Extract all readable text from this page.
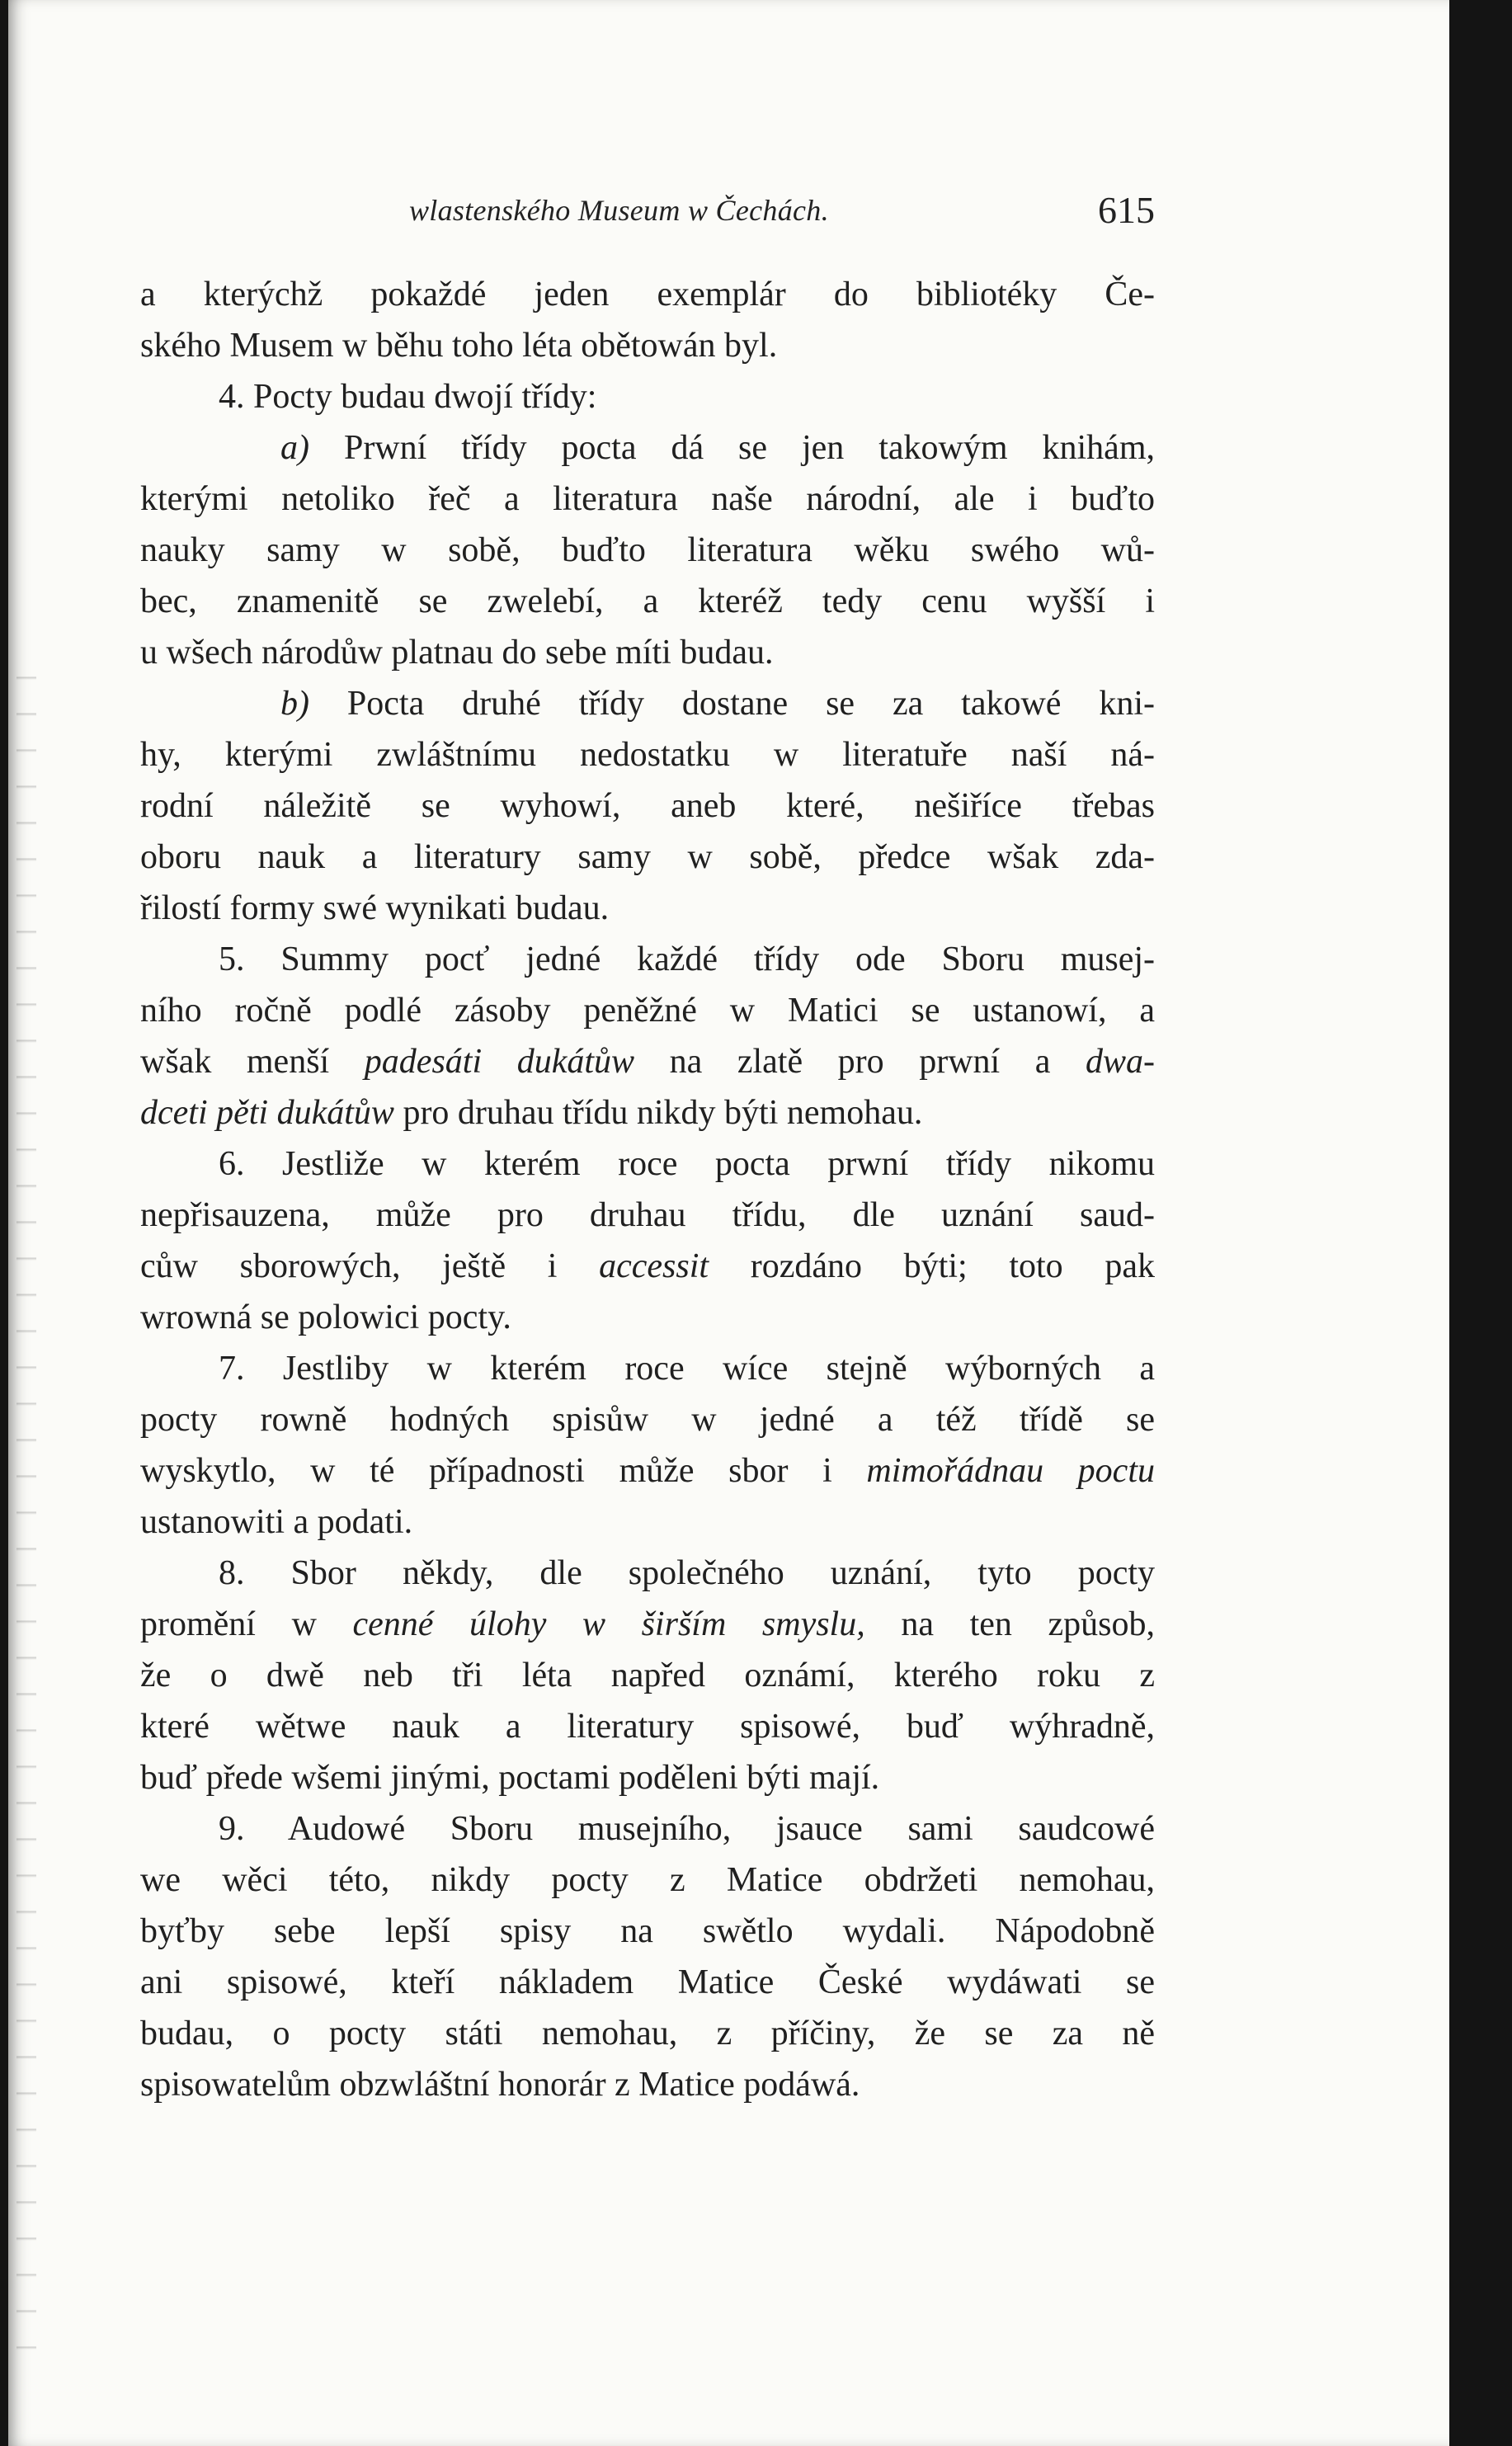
wlastenského Museum w Čechách.	615
a kterýchž pokaždé jeden exemplár do bibliotéky Če-
ského Musem w běhu toho léta obětowán byl.
4. Pocty budau dwojí třídy:
a) Prwní třídy pocta dá se jen takowým knihám,
kterými netoliko řeč a literatura naše národní, ale i buďto
nauky samy w sobě, buďto literatura wěku swého wů-
bec, znamenitě se zwelebí, a kteréž tedy cenu wyšší i
u wšech národůw platnau do sebe míti budau.
b) Pocta druhé třídy dostane se za takowé kni-
hy, kterými zwláštnímu nedostatku w literatuře naší ná-
rodní náležitě se wyhowí, aneb které, nešiříce třebas
oboru nauk a literatury samy w sobě, předce wšak zda-
řilostí formy swé wynikati budau.
5. Summy pocť jedné každé třídy ode Sboru musej-
ního ročně podlé zásoby peněžné w Matici se ustanowí, a
wšak menší padesáti dukátůw na zlatě pro prwní a dwa-
dceti pěti dukátůw pro druhau třídu nikdy býti nemohau.
6. Jestliže w kterém roce pocta prwní třídy nikomu
nepřisauzena, může pro druhau třídu, dle uznání saud-
cůw sborowých, ještě i accessit rozdáno býti; toto pak
wrowná se polowici pocty.
7. Jestliby w kterém roce wíce stejně wýborných a
pocty rowně hodných spisůw w jedné a též třídě se
wyskytlo, w té případnosti může sbor i mimořádnau poctu
ustanowiti a podati.
8. Sbor někdy, dle společného uznání, tyto pocty
promění w cenné úlohy w širším smyslu, na ten způsob,
že o dwě neb tři léta napřed oznámí, kterého roku z
které wětwe nauk a literatury spisowé, buď wýhradně,
buď přede wšemi jinými, poctami poděleni býti mají.
9. Audowé Sboru musejního, jsauce sami saudcowé
we wěci této, nikdy pocty z Matice obdržeti nemohau,
byťby sebe lepší spisy na swětlo wydali. Nápodobně
ani spisowé, kteří nákladem Matice České wydáwati se
budau, o pocty státi nemohau, z příčiny, že se za ně
spisowatelům obzwláštní honorár z Matice podáwá.
